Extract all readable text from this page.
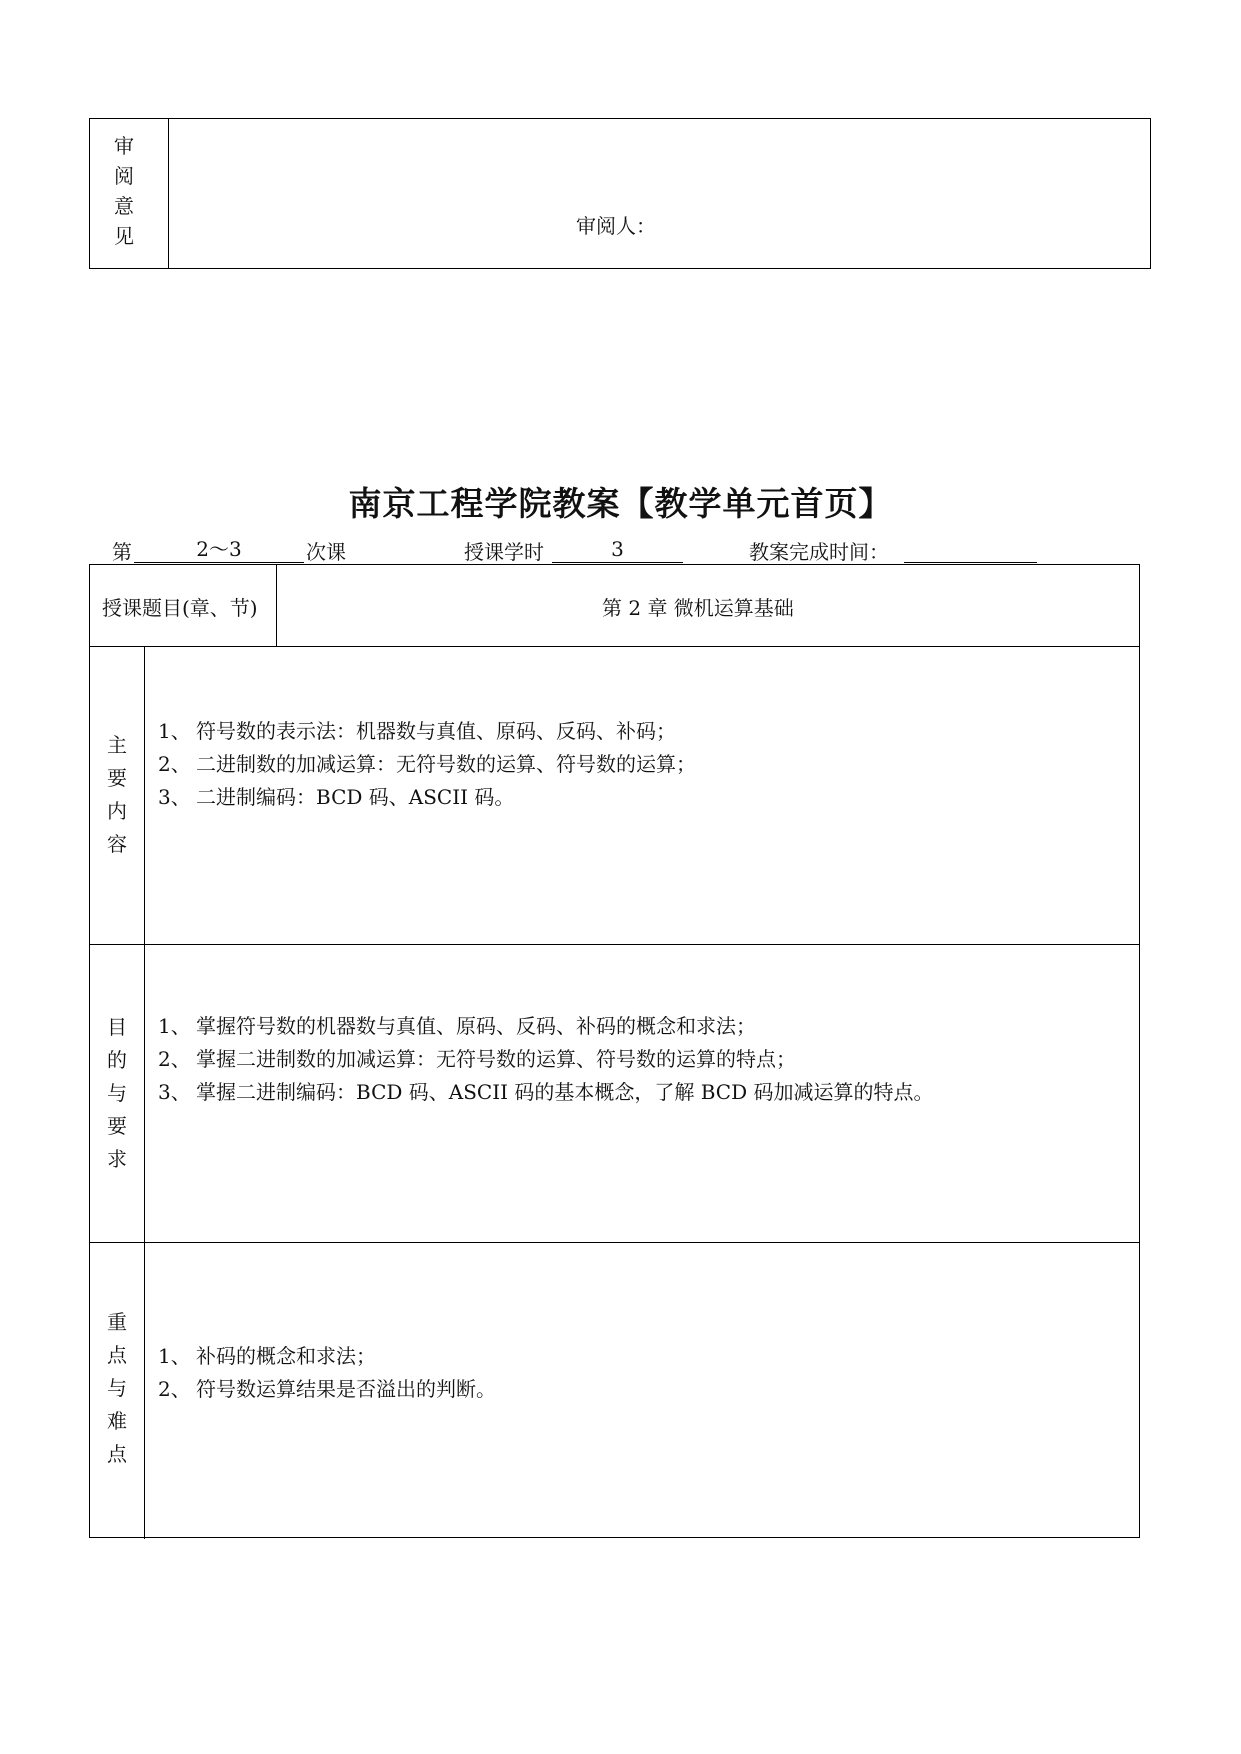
审
阅
意
见	审阅人：
南京工程学院教案【教学单元首页】
第	2～3	次课	授课学时	3	教案完成时间：
授课题目(章、节)	第 2 章 微机运算基础
主
要
内
容
1、 符号数的表示法：机器数与真值、原码、反码、补码；
2、 二进制数的加减运算：无符号数的运算、符号数的运算；
3、 二进制编码：BCD 码、ASCII 码。
目
的
与
要
求
1、 掌握符号数的机器数与真值、原码、反码、补码的概念和求法；
2、 掌握二进制数的加减运算：无符号数的运算、符号数的运算的特点；
3、 掌握二进制编码：BCD 码、ASCII 码的基本概念，了解 BCD 码加减运算的特点。
重
点
与
难
点
1、 补码的概念和求法；
2、 符号数运算结果是否溢出的判断。
